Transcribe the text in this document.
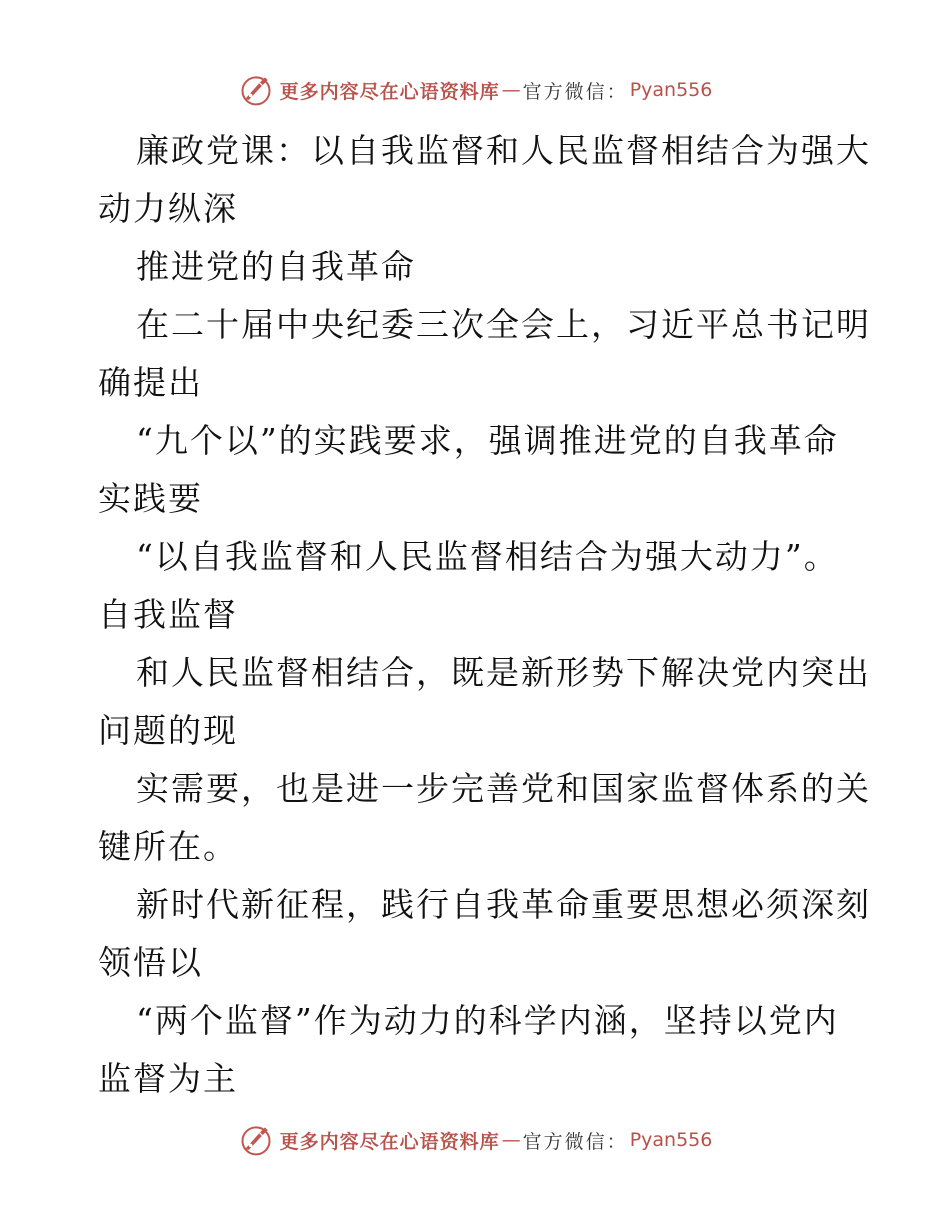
更多内容尽在心语资料库 — 官方微信： Pyan556
廉政党课：以自我监督和人民监督相结合为强大
动力纵深
推进党的自我革命
在二十届中央纪委三次全会上，习近平总书记明
确提出
“九个以”的实践要求，强调推进党的自我革命
实践要
“以自我监督和人民监督相结合为强大动力”。
自我监督
和人民监督相结合，既是新形势下解决党内突出
问题的现
实需要，也是进一步完善党和国家监督体系的关
键所在。
新时代新征程，践行自我革命重要思想必须深刻
领悟以
“两个监督”作为动力的科学内涵，坚持以党内
监督为主
更多内容尽在心语资料库 — 官方微信： Pyan556
